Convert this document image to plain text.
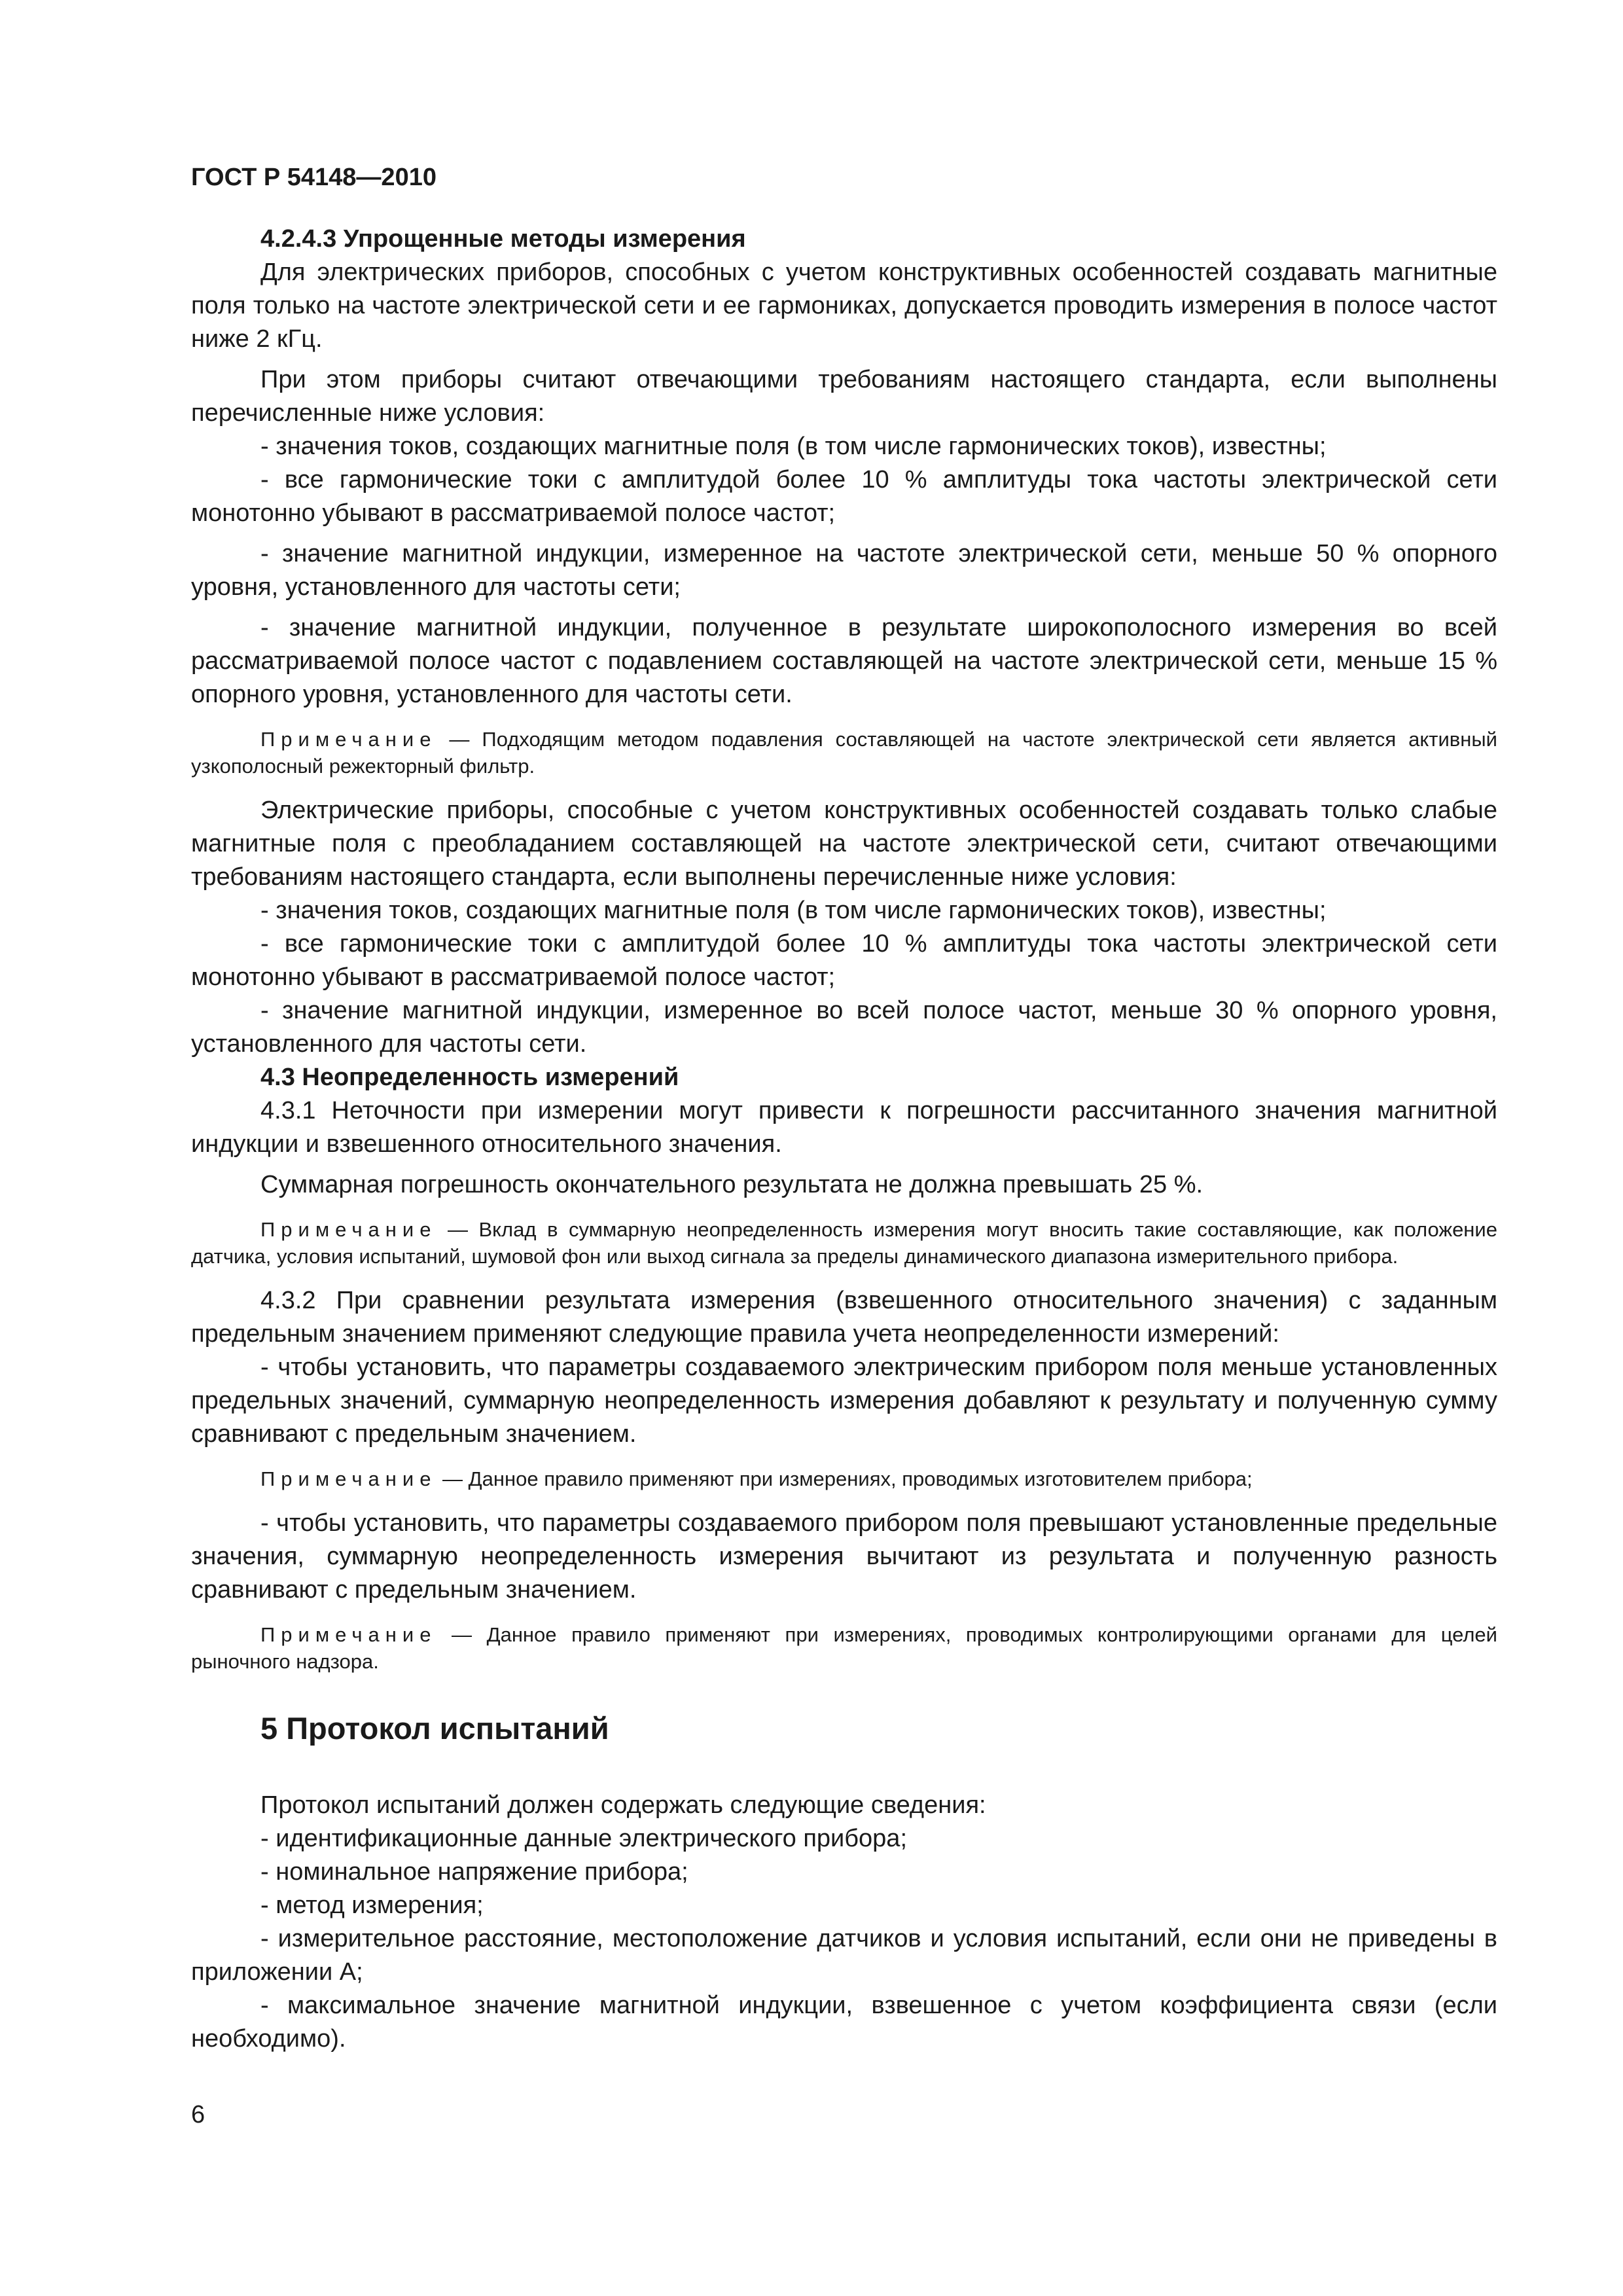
ГОСТ Р 54148—2010

4.2.4.3 Упрощенные методы измерения

Для электрических приборов, способных с учетом конструктивных особенностей создавать магнитные поля только на частоте электрической сети и ее гармониках, допускается проводить измерения в полосе частот ниже 2 кГц.

При этом приборы считают отвечающими требованиям настоящего стандарта, если выполнены перечисленные ниже условия:

- значения токов, создающих магнитные поля (в том числе гармонических токов), известны;

- все гармонические токи с амплитудой более 10 % амплитуды тока частоты электрической сети монотонно убывают в рассматриваемой полосе частот;

- значение магнитной индукции, измеренное на частоте электрической сети, меньше 50 % опорного уровня, установленного для частоты сети;

- значение магнитной индукции, полученное в результате широкополосного измерения во всей рассматриваемой полосе частот с подавлением составляющей на частоте электрической сети, меньше 15 % опорного уровня, установленного для частоты сети.

Примечание — Подходящим методом подавления составляющей на частоте электрической сети является активный узкополосный режекторный фильтр.

Электрические приборы, способные с учетом конструктивных особенностей создавать только слабые магнитные поля с преобладанием составляющей на частоте электрической сети, считают отвечающими требованиям настоящего стандарта, если выполнены перечисленные ниже условия:

- значения токов, создающих магнитные поля (в том числе гармонических токов), известны;

- все гармонические токи с амплитудой более 10 % амплитуды тока частоты электрической сети монотонно убывают в рассматриваемой полосе частот;

- значение магнитной индукции, измеренное во всей полосе частот, меньше 30 % опорного уровня, установленного для частоты сети.

4.3 Неопределенность измерений

4.3.1 Неточности при измерении могут привести к погрешности рассчитанного значения магнитной индукции и взвешенного относительного значения.

Суммарная погрешность окончательного результата не должна превышать 25 %.

Примечание — Вклад в суммарную неопределенность измерения могут вносить такие составляющие, как положение датчика, условия испытаний, шумовой фон или выход сигнала за пределы динамического диапазона измерительного прибора.

4.3.2 При сравнении результата измерения (взвешенного относительного значения) с заданным предельным значением применяют следующие правила учета неопределенности измерений:

- чтобы установить, что параметры создаваемого электрическим прибором поля меньше установленных предельных значений, суммарную неопределенность измерения добавляют к результату и полученную сумму сравнивают с предельным значением.

Примечание — Данное правило применяют при измерениях, проводимых изготовителем прибора;

- чтобы установить, что параметры создаваемого прибором поля превышают установленные предельные значения, суммарную неопределенность измерения вычитают из результата и полученную разность сравнивают с предельным значением.

Примечание — Данное правило применяют при измерениях, проводимых контролирующими органами для целей рыночного надзора.

5 Протокол испытаний

Протокол испытаний должен содержать следующие сведения:

- идентификационные данные электрического прибора;

- номинальное напряжение прибора;

- метод измерения;

- измерительное расстояние, местоположение датчиков и условия испытаний, если они не приведены в приложении А;

- максимальное значение магнитной индукции, взвешенное с учетом коэффициента связи (если необходимо).

6
